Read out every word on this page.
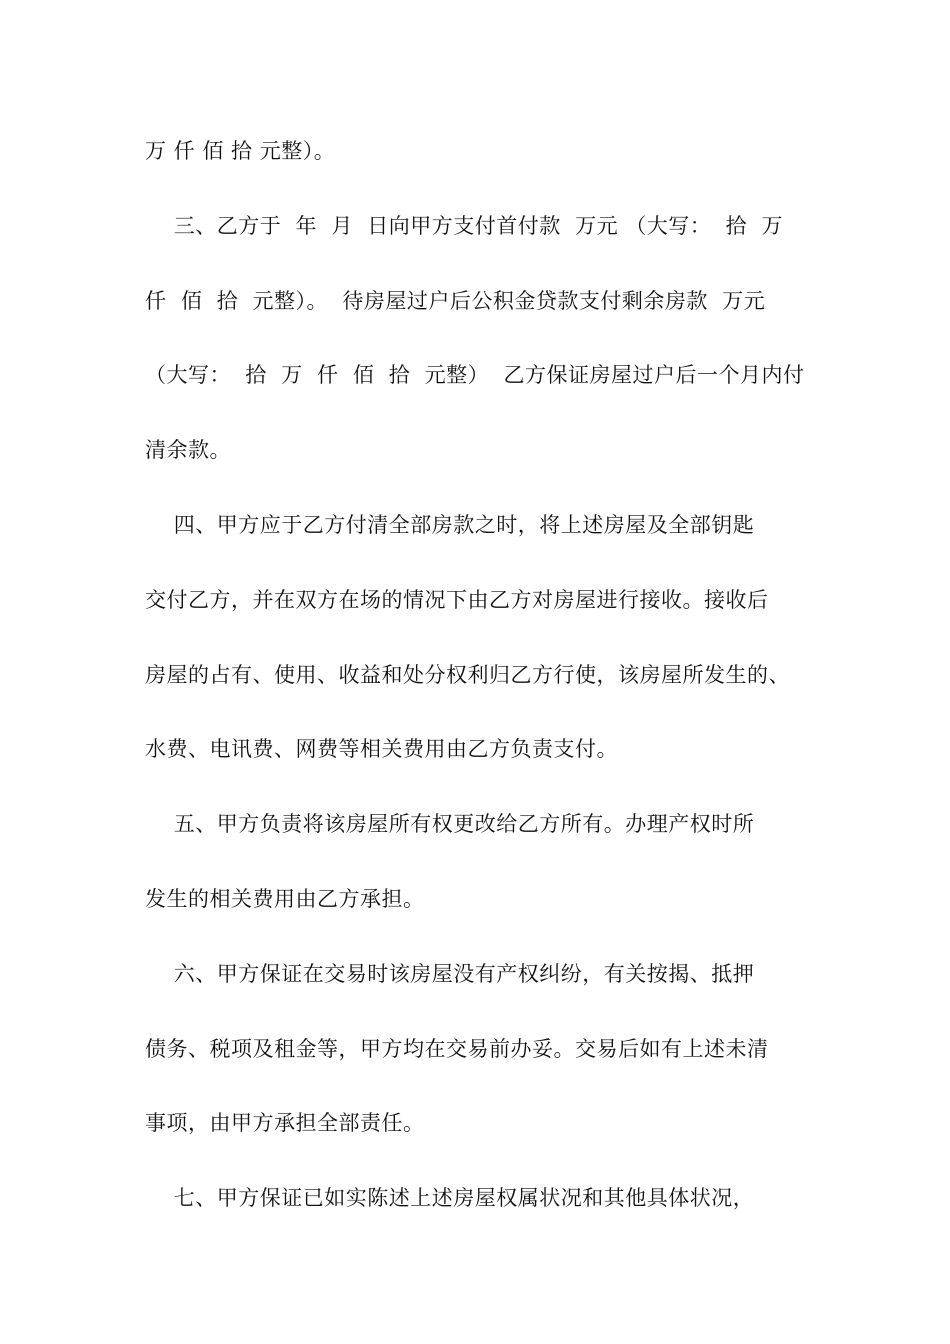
万 仟 佰 拾 元整）。
三、乙方于  年  月  日向甲方支付首付款  万元 （大写：  拾  万
仟  佰  拾  元整）。  待房屋过户后公积金贷款支付剩余房款  万元
（大写：  拾  万  仟  佰  拾  元整）  乙方保证房屋过户后一个月内付
清余款。
四、甲方应于乙方付清全部房款之时，将上述房屋及全部钥匙
交付乙方，并在双方在场的情况下由乙方对房屋进行接收。接收后
房屋的占有、使用、收益和处分权利归乙方行使，该房屋所发生的、
水费、电讯费、网费等相关费用由乙方负责支付。
五、甲方负责将该房屋所有权更改给乙方所有。办理产权时所
发生的相关费用由乙方承担。
六、甲方保证在交易时该房屋没有产权纠纷，有关按揭、抵押
债务、税项及租金等，甲方均在交易前办妥。交易后如有上述未清
事项，由甲方承担全部责任。
七、甲方保证已如实陈述上述房屋权属状况和其他具体状况，
